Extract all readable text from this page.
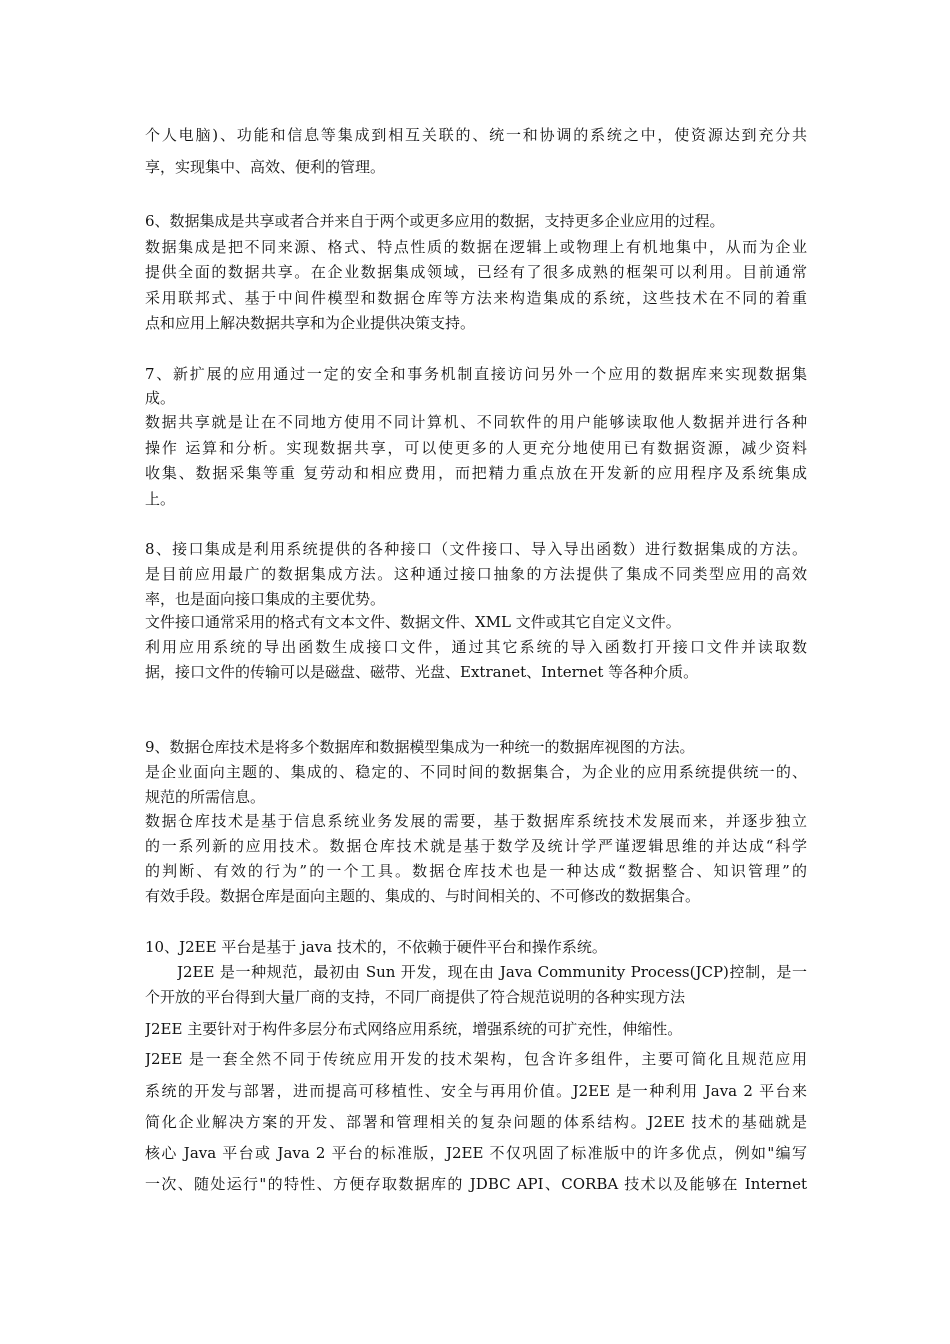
个人电脑)、功能和信息等集成到相互关联的、统一和协调的系统之中，使资源达到充分共
享，实现集中、高效、便利的管理。
6、数据集成是共享或者合并来自于两个或更多应用的数据，支持更多企业应用的过程。
数据集成是把不同来源、格式、特点性质的数据在逻辑上或物理上有机地集中，从而为企业
提供全面的数据共享。在企业数据集成领域，已经有了很多成熟的框架可以利用。目前通常
采用联邦式、基于中间件模型和数据仓库等方法来构造集成的系统，这些技术在不同的着重
点和应用上解决数据共享和为企业提供决策支持。
7、新扩展的应用通过一定的安全和事务机制直接访问另外一个应用的数据库来实现数据集
成。
数据共享就是让在不同地方使用不同计算机、不同软件的用户能够读取他人数据并进行各种
操作 运算和分析。实现数据共享，可以使更多的人更充分地使用已有数据资源，减少资料
收集、数据采集等重 复劳动和相应费用，而把精力重点放在开发新的应用程序及系统集成
上。
8、接口集成是利用系统提供的各种接口（文件接口、导入导出函数）进行数据集成的方法。
是目前应用最广的数据集成方法。这种通过接口抽象的方法提供了集成不同类型应用的高效
率，也是面向接口集成的主要优势。
文件接口通常采用的格式有文本文件、数据文件、XML 文件或其它自定义文件。
利用应用系统的导出函数生成接口文件，通过其它系统的导入函数打开接口文件并读取数
据，接口文件的传输可以是磁盘、磁带、光盘、Extranet、Internet 等各种介质。
9、数据仓库技术是将多个数据库和数据模型集成为一种统一的数据库视图的方法。
是企业面向主题的、集成的、稳定的、不同时间的数据集合，为企业的应用系统提供统一的、
规范的所需信息。
数据仓库技术是基于信息系统业务发展的需要，基于数据库系统技术发展而来，并逐步独立
的一系列新的应用技术。数据仓库技术就是基于数学及统计学严谨逻辑思维的并达成“科学
的判断、有效的行为”的一个工具。数据仓库技术也是一种达成“数据整合、知识管理”的
有效手段。数据仓库是面向主题的、集成的、与时间相关的、不可修改的数据集合。
10、J2EE 平台是基于 java 技术的，不依赖于硬件平台和操作系统。
J2EE 是一种规范，最初由 Sun 开发，现在由 Java Community Process(JCP)控制，是一
个开放的平台得到大量厂商的支持，不同厂商提供了符合规范说明的各种实现方法
J2EE 主要针对于构件多层分布式网络应用系统，增强系统的可扩充性，伸缩性。
J2EE 是一套全然不同于传统应用开发的技术架构，包含许多组件，主要可简化且规范应用
系统的开发与部署，进而提高可移植性、安全与再用价值。J2EE 是一种利用 Java 2 平台来
简化企业解决方案的开发、部署和管理相关的复杂问题的体系结构。J2EE 技术的基础就是
核心 Java 平台或 Java 2 平台的标准版，J2EE 不仅巩固了标准版中的许多优点，例如"编写
一次、随处运行"的特性、方便存取数据库的 JDBC API、CORBA 技术以及能够在 Internet
